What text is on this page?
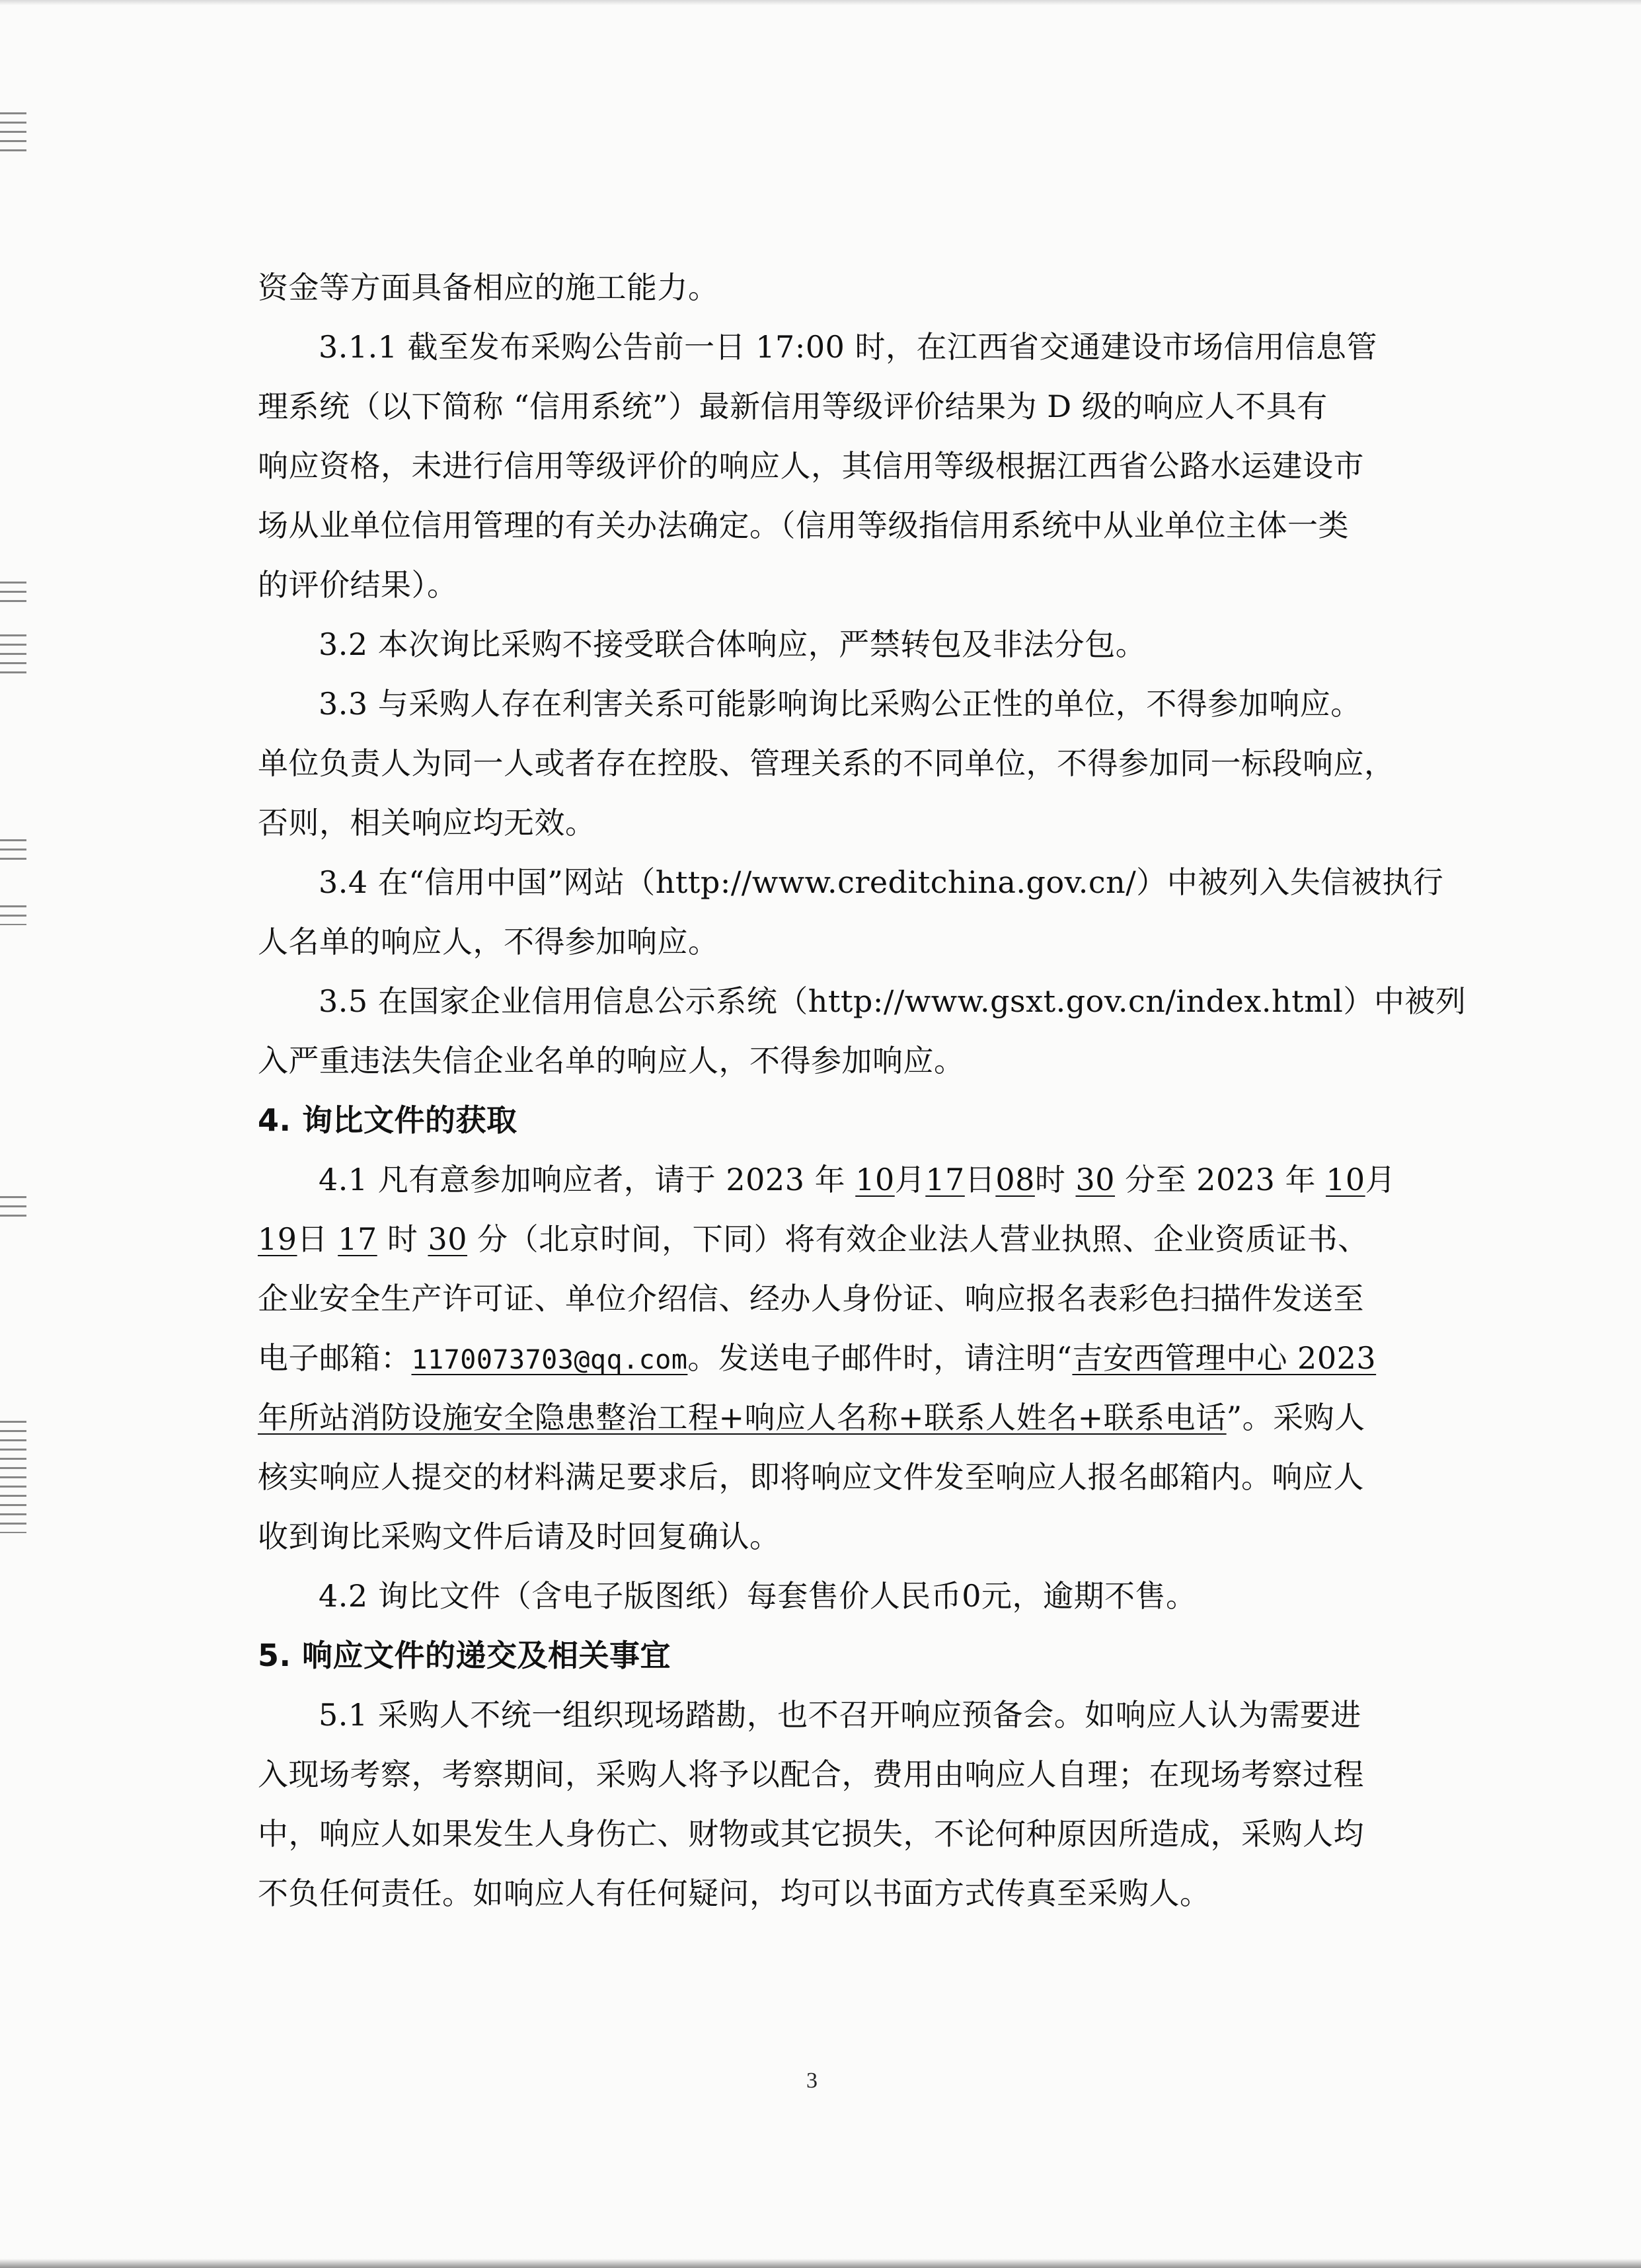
资金等方面具备相应的施工能力。
3.1.1 截至发布采购公告前一日 17:00 时，在江西省交通建设市场信用信息管
理系统（以下简称 “信用系统”）最新信用等级评价结果为 D 级的响应人不具有
响应资格，未进行信用等级评价的响应人，其信用等级根据江西省公路水运建设市
场从业单位信用管理的有关办法确定。（信用等级指信用系统中从业单位主体一类
的评价结果）。
3.2 本次询比采购不接受联合体响应，严禁转包及非法分包。
3.3 与采购人存在利害关系可能影响询比采购公正性的单位，不得参加响应。
单位负责人为同一人或者存在控股、管理关系的不同单位，不得参加同一标段响应，
否则，相关响应均无效。
3.4 在“信用中国”网站（http://www.creditchina.gov.cn/）中被列入失信被执行
人名单的响应人，不得参加响应。
3.5 在国家企业信用信息公示系统（http://www.gsxt.gov.cn/index.html）中被列
入严重违法失信企业名单的响应人，不得参加响应。
4. 询比文件的获取
4.1 凡有意参加响应者，请于 2023 年 10月17日08时 30 分至 2023 年 10月
19日 17 时 30 分（北京时间，下同）将有效企业法人营业执照、企业资质证书、
企业安全生产许可证、单位介绍信、经办人身份证、响应报名表彩色扫描件发送至
电子邮箱：1170073703@qq.com。发送电子邮件时，请注明“吉安西管理中心 2023
年所站消防设施安全隐患整治工程+响应人名称+联系人姓名+联系电话”。采购人
核实响应人提交的材料满足要求后，即将响应文件发至响应人报名邮箱内。响应人
收到询比采购文件后请及时回复确认。
4.2 询比文件（含电子版图纸）每套售价人民币0元，逾期不售。
5. 响应文件的递交及相关事宜
5.1 采购人不统一组织现场踏勘，也不召开响应预备会。如响应人认为需要进
入现场考察，考察期间，采购人将予以配合，费用由响应人自理；在现场考察过程
中，响应人如果发生人身伤亡、财物或其它损失，不论何种原因所造成，采购人均
不负任何责任。如响应人有任何疑问，均可以书面方式传真至采购人。
3
